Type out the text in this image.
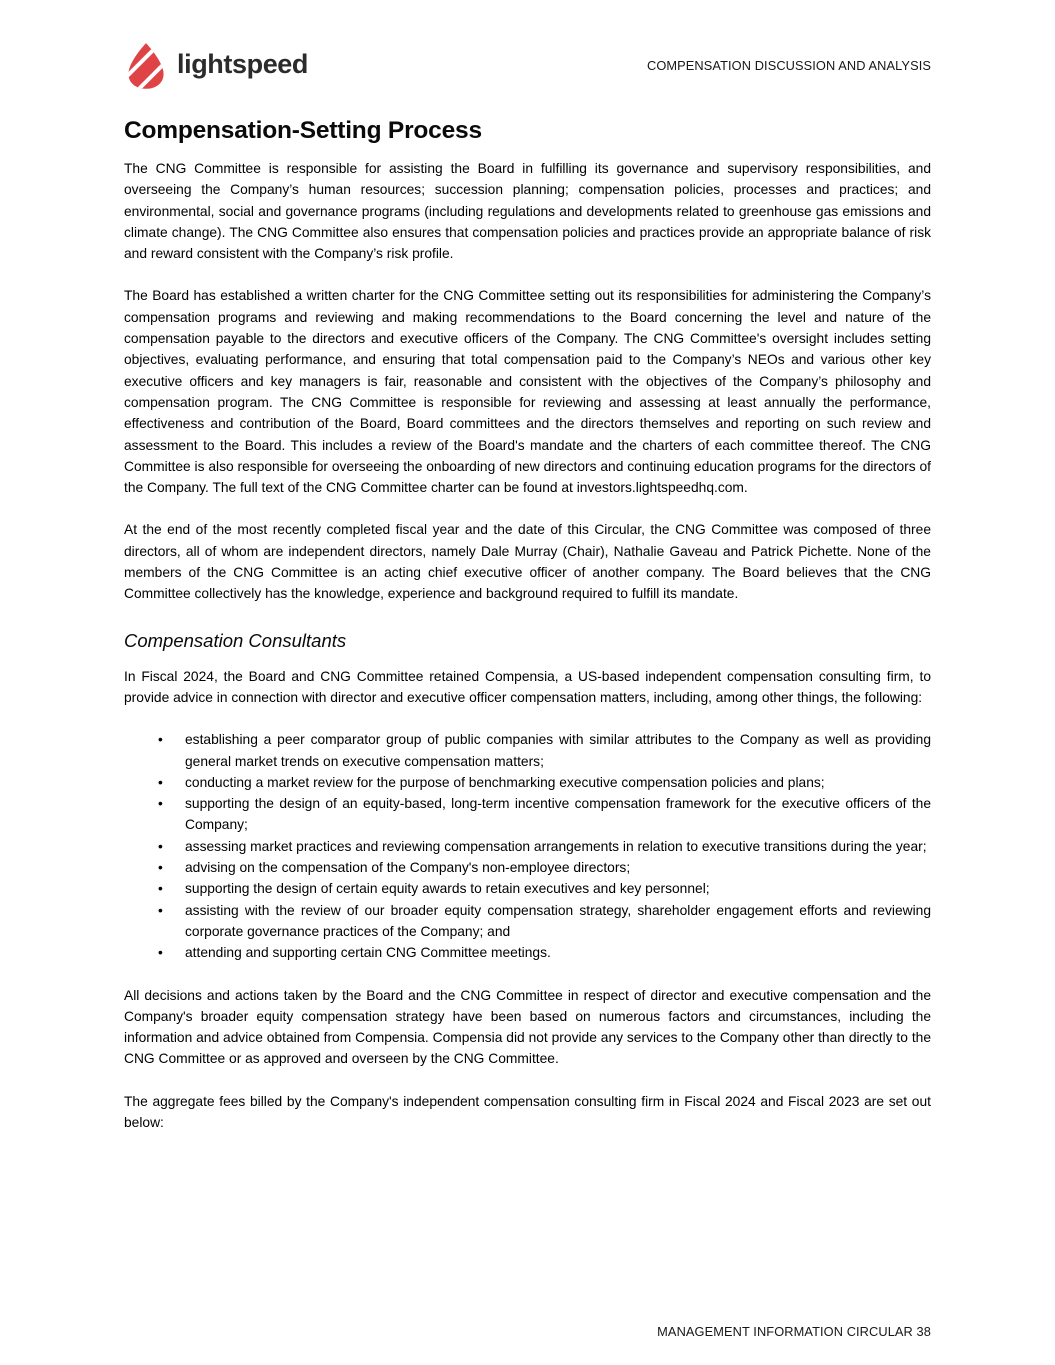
lightspeed	COMPENSATION DISCUSSION AND ANALYSIS
Compensation-Setting Process

The CNG Committee is responsible for assisting the Board in fulfilling its governance and supervisory responsibilities, and overseeing the Company’s human resources; succession planning; compensation policies, processes and practices; and environmental, social and governance programs (including regulations and developments related to greenhouse gas emissions and climate change). The CNG Committee also ensures that compensation policies and practices provide an appropriate balance of risk and reward consistent with the Company’s risk profile.

The Board has established a written charter for the CNG Committee setting out its responsibilities for administering the Company’s compensation programs and reviewing and making recommendations to the Board concerning the level and nature of the compensation payable to the directors and executive officers of the Company. The CNG Committee's oversight includes setting objectives, evaluating performance, and ensuring that total compensation paid to the Company’s NEOs and various other key executive officers and key managers is fair, reasonable and consistent with the objectives of the Company’s philosophy and compensation program. The CNG Committee is responsible for reviewing and assessing at least annually the performance, effectiveness and contribution of the Board, Board committees and the directors themselves and reporting on such review and assessment to the Board. This includes a review of the Board's mandate and the charters of each committee thereof. The CNG Committee is also responsible for overseeing the onboarding of new directors and continuing education programs for the directors of the Company. The full text of the CNG Committee charter can be found at investors.lightspeedhq.com.

At the end of the most recently completed fiscal year and the date of this Circular, the CNG Committee was composed of three directors, all of whom are independent directors, namely Dale Murray (Chair), Nathalie Gaveau and Patrick Pichette. None of the members of the CNG Committee is an acting chief executive officer of another company. The Board believes that the CNG Committee collectively has the knowledge, experience and background required to fulfill its mandate.

Compensation Consultants

In Fiscal 2024, the Board and CNG Committee retained Compensia, a US-based independent compensation consulting firm, to provide advice in connection with director and executive officer compensation matters, including, among other things, the following:

• establishing a peer comparator group of public companies with similar attributes to the Company as well as providing general market trends on executive compensation matters;
• conducting a market review for the purpose of benchmarking executive compensation policies and plans;
• supporting the design of an equity-based, long-term incentive compensation framework for the executive officers of the Company;
• assessing market practices and reviewing compensation arrangements in relation to executive transitions during the year;
• advising on the compensation of the Company's non-employee directors;
• supporting the design of certain equity awards to retain executives and key personnel;
• assisting with the review of our broader equity compensation strategy, shareholder engagement efforts and reviewing corporate governance practices of the Company; and
• attending and supporting certain CNG Committee meetings.

All decisions and actions taken by the Board and the CNG Committee in respect of director and executive compensation and the Company's broader equity compensation strategy have been based on numerous factors and circumstances, including the information and advice obtained from Compensia. Compensia did not provide any services to the Company other than directly to the CNG Committee or as approved and overseen by the CNG Committee.

The aggregate fees billed by the Company's independent compensation consulting firm in Fiscal 2024 and Fiscal 2023 are set out below:

MANAGEMENT INFORMATION CIRCULAR 38
